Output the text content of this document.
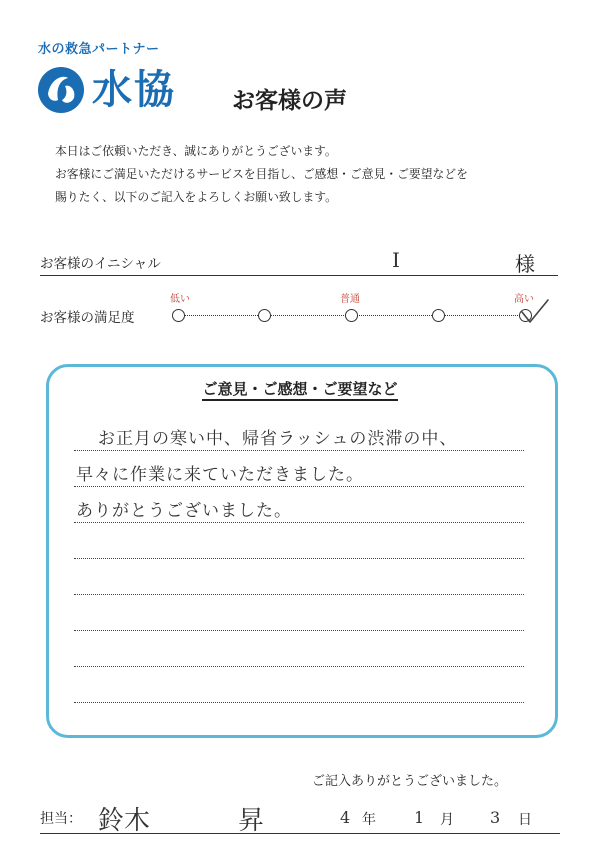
水の救急パートナー
水協 お客様の声
本日はご依頼いただき、誠にありがとうございます。
お客様にご満足いただけるサービスを目指し、ご感想・ご意見・ご要望などを
賜りたく、以下のご記入をよろしくお願い致します。
お客様のイニシャル	I	様
お客様の満足度
低い	普通	高い
ご意見・ご感想・ご要望など
お正月の寒い中、帰省ラッシュの渋滞の中、
早々に作業に来ていただきました。
ありがとうございました。
ご記入ありがとうございました。
担当： 鈴木	昇	4 年 1 月 3 日
